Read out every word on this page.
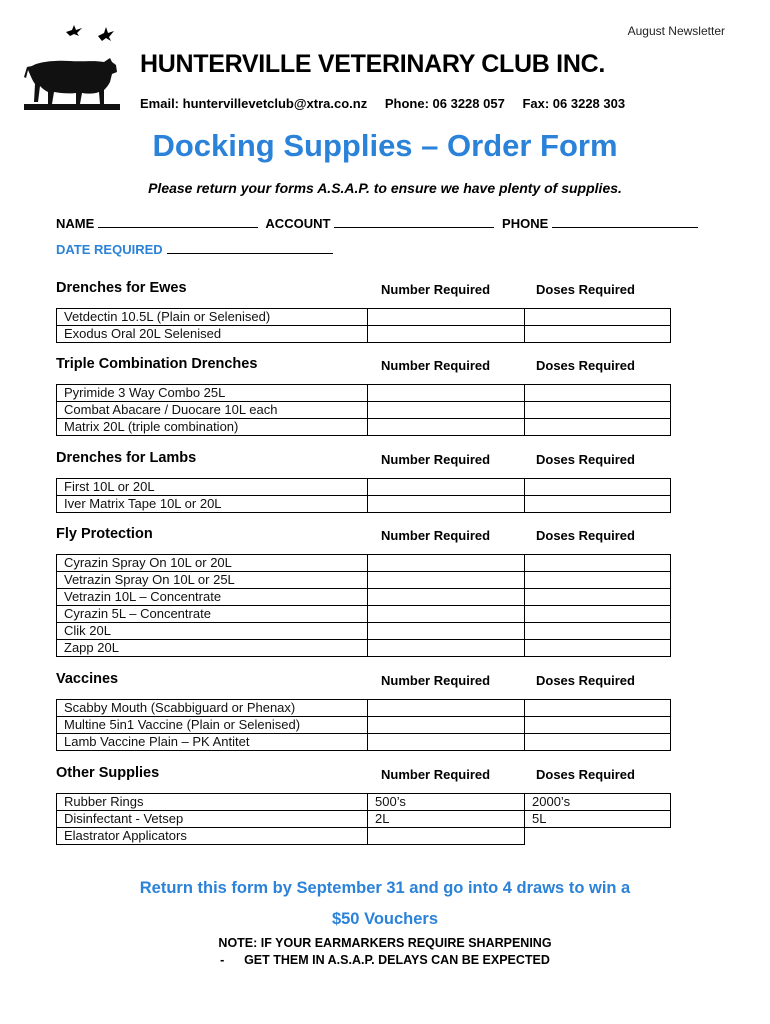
August Newsletter
HUNTERVILLE VETERINARY CLUB INC.
Email: huntervillevetclub@xtra.co.nz Phone: 06 3228 057 Fax: 06 3228 303
Docking Supplies – Order Form
Please return your forms A.S.A.P. to ensure we have plenty of supplies.
NAME	ACCOUNT	PHONE
DATE REQUIRED
Drenches for Ewes	Number Required	Doses Required
Vetdectin 10.5L (Plain or Selenised)		
Exodus Oral 20L Selenised		
Triple Combination Drenches	Number Required	Doses Required
Pyrimide 3 Way Combo 25L		
Combat Abacare / Duocare 10L each		
Matrix 20L (triple combination)		
Drenches for Lambs	Number Required	Doses Required
First 10L or 20L		
Iver Matrix Tape 10L or 20L		
Fly Protection	Number Required	Doses Required
Cyrazin Spray On 10L or 20L		
Vetrazin Spray On 10L or 25L		
Vetrazin 10L – Concentrate		
Cyrazin 5L – Concentrate		
Clik 20L		
Zapp 20L		
Vaccines	Number Required	Doses Required
Scabby Mouth (Scabbiguard or Phenax)		
Multine 5in1 Vaccine (Plain or Selenised)		
Lamb Vaccine Plain – PK Antitet		
Other Supplies	Number Required	Doses Required
Rubber Rings	500’s	2000’s
Disinfectant - Vetsep	2L	5L
Elastrator Applicators		
Return this form by September 31 and go into 4 draws to win a
$50 Vouchers
NOTE: IF YOUR EARMARKERS REQUIRE SHARPENING
- GET THEM IN A.S.A.P. DELAYS CAN BE EXPECTED
